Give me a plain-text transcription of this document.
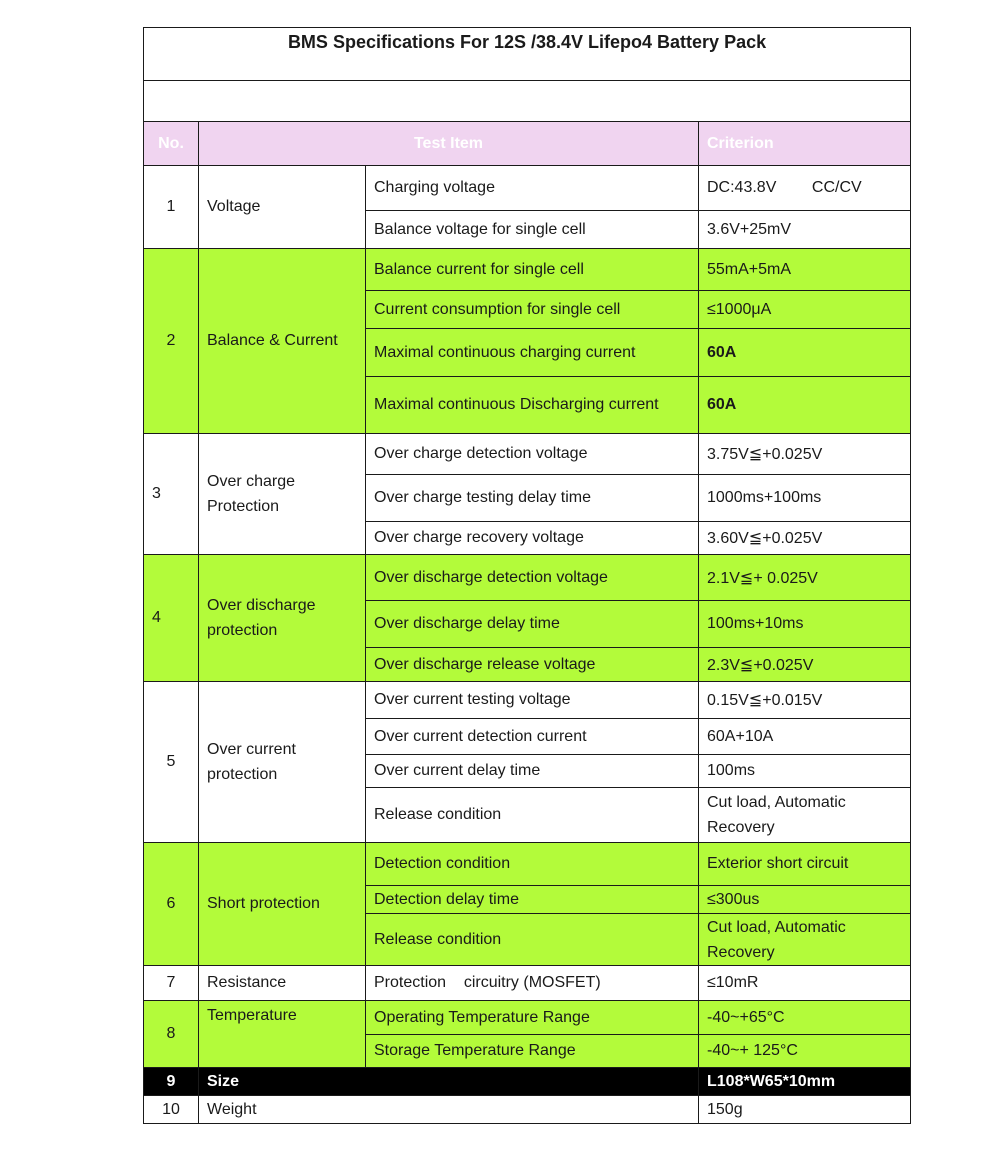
BMS Specifications For 12S /38.4V Lifepo4 Battery Pack			

No.	Test Item		Criterion
1	Voltage	Charging voltage	DC:43.8V        CC/CV
		Balance voltage for single cell	3.6V+25mV
2	Balance & Current	Balance current for single cell	55mA+5mA
		Current consumption for single cell	≤1000μA
		Maximal continuous charging current	60A
		Maximal continuous Discharging current	60A
3	Over charge Protection	Over charge detection voltage	3.75V≦+0.025V
		Over charge testing delay time	1000ms+100ms
		Over charge recovery voltage	3.60V≦+0.025V
4	Over discharge protection	Over discharge detection voltage	2.1V≦+ 0.025V
		Over discharge delay time	100ms+10ms
		Over discharge release voltage	2.3V≦+0.025V
5	Over current protection	Over current testing voltage	0.15V≦+0.015V
		Over current detection current	60A+10A
		Over current delay time	100ms
		Release condition	Cut load, Automatic Recovery
6	Short protection	Detection condition	Exterior short circuit
		Detection delay time	≤300us
		Release condition	Cut load, Automatic Recovery
7	Resistance	Protection    circuitry (MOSFET)	≤10mR
8	Temperature	Operating Temperature Range	-40~+65°C
		Storage Temperature Range	-40~+ 125°C
9	Size		L108*W65*10mm
10	Weight		150g
